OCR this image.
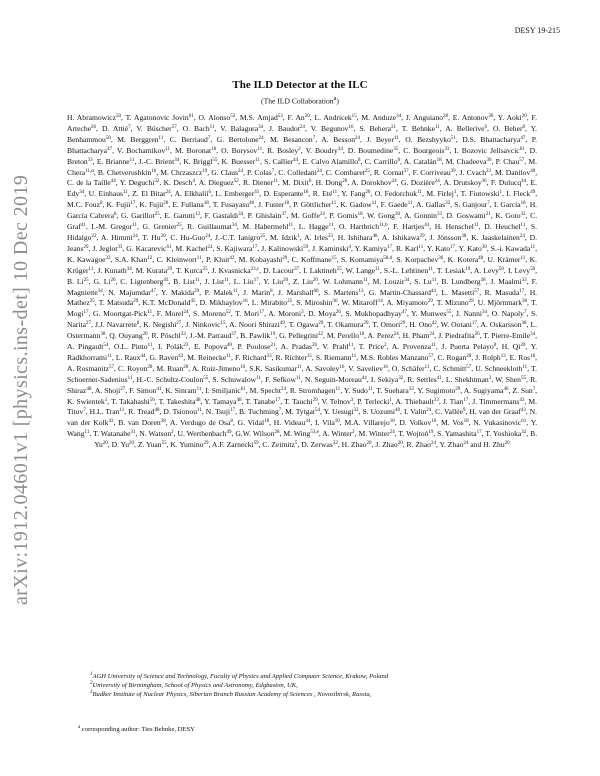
arXiv:1912.04601v1 [physics.ins-det] 10 Dec 2019
DESY 19-215
The ILD Detector at the ILC
(The ILD Collaboration$^a$)
H. Abramowicz$^{50}$, T. Agatonovic Jovin$^{61}$, O. Alonso$^{52}$, M.S. Amjad$^{53}$, F. An$^{20}$, L. Andricek$^{15}$, M. Anduze$^{34}$, J. Anguiano$^{28}$, E. Antonov$^{36}$, Y. Aoki$^{20}$, F. Arteche$^{26}$, D. Attié$^7$, V. Büscher$^{57}$, O. Bach$^{11}$, V. Balagura$^{34}$, J. Baudot$^{24}$, V. Begunov$^{16}$, S. Behera$^{21}$, T. Behnke$^{11}$, A. Bellerive$^6$, O. Beher$^8$, Y. Benhammou$^{50}$, M. Berggren$^{11}$, C. Berriaud$^7$, G. Bertolone$^{24}$, M. Besancon$^7$, A. Besson$^{24}$, J. Beyer$^{11}$, O. Bezshyyko$^{51}$, D.S. Bhattacharya$^{47}$, P. Bhattacharya$^{47}$, V. Bochamikov$^{11}$, M. Boronat$^{18}$, O. Borysov$^{11}$, R. Bosley$^2$, V. Boudry$^{34}$, D. Boumedine$^{35}$, C. Bourgeois$^{33}$, I. Bozovic Jelisavcic$^{61}$, D. Breton$^{33}$, E. Brianne$^{11}$, J.-C. Brient$^{34}$, K. Briggl$^{55}$, K. Buesser$^{11}$, S. Callier$^{44}$, E. Calvo Alamillo$^8$, C. Carrillo$^8$, A. Catalán$^{18}$, M. Chadeeva$^{36}$, P. Chau$^{57}$, M. Chera$^{11,\alpha}$, B. Chetverushkin$^{16}$, M. Chrzaszcz$^{19}$, G. Claus$^{24}$, P. Colas$^7$, C. Colledani$^{24}$, C. Combaret$^{25}$, R. Cornat$^{37}$, F. Corriveau$^{39}$, J. Cvach$^{23}$, M. Danilov$^{40}$, C. de la Taille$^{44}$, Y. Deguchi$^{32}$, K. Desch$^4$, A. Dieguez$^{52}$, R. Diener$^{11}$, M. Dixit$^6$, H. Dong$^{20}$, A. Dorokhov$^{24}$, G. Dozière$^{24}$, A. Drutskoy$^{36}$, F. Dulucq$^{44}$, E. Edy$^{34}$, U. Einhaus$^{11}$, Z. El Bitar$^{24}$, A. Elkhalii$^6$, L. Emberger$^{41}$, D. Esperante$^{18}$, R. Eté$^{11}$, Y. Fang$^{20}$, O. Fedorchuk$^{11}$, M. Firlej$^1$, T. Fiutowski$^1$, I. Fleck$^{49}$, M.C. Fouz$^8$, K. Fujii$^{17}$, K. Fujii$^{20}$, E. Fullana$^{18}$, T. Fusayasu$^{46}$, J. Fuster$^{18}$, P. Göttlicher$^{11}$, K. Gadow$^{11}$, F. Gaede$^{11}$, A. Gallas$^{33}$, S. Ganjour$^7$, I. García$^{18}$, H. García Cabrera$^8$, G. Garillot$^{25}$, E. Garutti$^{13}$, F. Gastaldi$^{34}$, P. Ghislain$^{37}$, M. Goffe$^{24}$, P. Gomis$^{18}$, W. Gong$^{20}$, A. Gonnin$^{33}$, D. Goswami$^{21}$, K. Goto$^{32}$, C. Graf$^{41}$, I.-M. Gregor$^{11}$, G. Grenier$^{25}$, R. Guillaumat$^{34}$, M. Habermehl$^{11}$, L. Hagge$^{11}$, O. Hartbrich$^{11,b}$, F. Hartjes$^{43}$, H. Henschel$^{11}$, D. Heuchel$^{11}$, S. Hidalgo$^{22}$, A. Himmi$^{24}$, T. Hu$^{20}$, C. Hu-Guo$^{24}$, J.-C.T. Ianigro$^{25}$, M. Idzik$^1$, A. Irles$^{33}$, H. Ishihara$^{48}$, A. Ishikawa$^{29}$, J. Jönsson$^{38}$, K. Jaaskelainen$^{24}$, D. Jeans$^{29}$, J. Jeglot$^{33}$, G. Kacarevic$^{61}$, M. Kachel$^{24}$, S. Kajiwara$^{17}$, J. Kalinowski$^{59}$, J. Kaminski$^4$, Y. Kamiya$^{17}$, R. Karl$^{11}$, Y. Kato$^{17}$, Y. Kato$^{30}$, S.-i. Kawada$^{11}$, K. Kawagoe$^{32}$, S.A. Khan$^{12}$, C. Kleinwort$^{11}$, P. Kluit$^{43}$, M. Kobayashi$^{29}$, C. Koffmane$^{15}$, S. Komamiya$^{58,d}$, S. Korpachev$^{36}$, K. Kotera$^{48}$, U. Krämer$^{11}$, K. Krüger$^{11}$, J. Kunath$^{34}$, M. Kurata$^{29}$, T. Kurca$^{25}$, J. Kvasnicka$^{23,c}$, D. Lacour$^{37}$, I. Laktineh$^{25}$, W. Lange$^{11}$, S.-L. Lehtinen$^{11}$, T. Lesiak$^{19}$, A. Levy$^{50}$, I. Levy$^{50}$, B. Li$^{25}$, G. Li$^{20}$, C. Ligtenberg$^{43}$, B. List$^{11}$, J. List$^{11}$, L. Liu$^{17}$, Y. Liu$^{20}$, Z. Liu$^{20}$, W. Lohmann$^{11}$, M. Louzir$^{34}$, S. Lu$^{11}$, B. Lundberg$^{38}$, J. Maalmi$^{33}$, F. Magniette$^{34}$, N. Majumdar$^{47}$, Y. Makida$^{29}$, P. Malek$^{11}$, J. Marin$^8$, J. Marshall$^{60}$, S. Martens$^{13}$, G. Martin-Chassard$^{44}$, L. Masetti$^{57}$, R. Masuda$^{17}$, H. Mathez$^{25}$, T. Matsuda$^{29}$, K.T. McDonald$^{45}$, D. Mikhaylov$^{16}$, L. Mirabito$^{25}$, S. Miroshin$^{36}$, W. Mitaroff$^{14}$, A. Miyamoto$^{29}$, T. Mizuno$^{29}$, U. Mjörnmark$^{38}$, T. Mogi$^{17}$, G. Moortgat-Pick$^{11}$, F. Morel$^{24}$, S. Moreno$^{52}$, T. Mori$^{17}$, A. Moroni$^3$, D. Moya$^{26}$, S. Mukhopadhyay$^{47}$, Y. Munwes$^{55}$, J. Nanni$^{34}$, O. Napoly$^7$, S. Narita$^{27}$, J.J. Navarrete$^8$, K. Negishi$^{27}$, J. Ninkovic$^{15}$, A. Noori Shirazi$^{49}$, T. Ogawa$^{29}$, T. Okamura$^{29}$, T. Omori$^{29}$, H. Ono$^{42}$, W. Ootani$^{17}$, A. Oskarsson$^{38}$, L. Ostermann$^{38}$, Q. Ouyang$^{20}$, R. Pöschl$^{33}$, J.-M. Parraud$^{37}$, B. Pawlik$^{19}$, G. Pellegrini$^{22}$, M. Perello$^{18}$, A. Perez$^{24}$, H. Pham$^{24}$, J. Piedrafita$^{26}$, T. Pierre-Emile$^{34}$, A. Pingault$^{54}$, O.L. Pinto$^{11}$, I. Polák$^{23}$, E. Popova$^{40}$, P. Poulose$^{21}$, A. Pradas$^{26}$, V. Prahl$^{11}$, T. Price$^2$, A. Provenza$^{11}$, J. Puerta Pelayo$^8$, H. Qi$^{20}$, Y. Radkhorrami$^{11}$, L. Raux$^{44}$, G. Raven$^{43}$, M. Reinecke$^{11}$, F. Richard$^{33}$, R. Richter$^{15}$, S. Riemann$^{11}$, M.S. Robles Manzano$^{57}$, C. Rogan$^{28}$, J. Rolph$^{13}$, E. Ros$^{18}$, A. Rosmanitz$^{57}$, C. Royon$^{28}$, M. Ruan$^{20}$, A. Ruiz-Jimeno$^{10}$, S.K. Sasikumar$^{11}$, A. Savoley$^{16}$, V. Saveliev$^{16}$, O. Schäfer$^{11}$, C. Schmitt$^{57}$, U. Schneekloth$^{11}$, T. Schoerner-Sadenius$^{11}$, H.-C. Schultz-Coulon$^{55}$, S. Schuwalow$^{11}$, F. Sefkow$^{11}$, N. Seguin-Moreau$^{44}$, I. Sekiya$^{32}$, R. Settles$^{41}$, L. Shekhtman$^3$, W. Shen$^{55}$, R. Shiraz$^{48}$, A. Shoji$^{27}$, F. Simon$^{41}$, K. Sinram$^{11}$, I. Smiljanic$^{61}$, M. Specht$^{24}$, R. Stromhagen$^{11}$, Y. Sudo$^{11}$, T. Suehara$^{32}$, Y. Sugimoto$^{29}$, A. Sugiyama$^{46}$, Z. Sun$^7$, K. Swientek$^1$, T. Takahashi$^{56}$, T. Takeshita$^{48}$, Y. Tamaya$^{48}$, T. Tanabe$^{17}$, T. Tauchi$^{29}$, V. Telnov$^3$, P. Terlecki$^1$, A. Thiebault$^{33}$, J. Tian$^{17}$, J. Timmermans$^{43}$, M. Titov$^7$, H.L. Tran$^{11}$, R. Tread$^{48}$, D. Tsionou$^{11}$, N. Tsuji$^{17}$, B. Tuchming$^7$, M. Tytgat$^{54}$, Y. Uesugi$^{32}$, S. Uozumi$^{48}$, I. Valin$^{24}$, C. Vallée$^9$, H. van der Graaf$^{43}$, N. van der Kolk$^{43}$, B. van Doren$^{28}$, A. Verdugo de Osa$^8$, G. Vidal$^{18}$, H. Videau$^{34}$, I. Vila$^{10}$, M.A. Villarejo$^{18}$, D. Volkov$^{16}$, M. Vos$^{18}$, N. Vukasinovic$^{61}$, Y. Wang$^{11}$, T. Watanabe$^{31}$, N. Watson$^2$, U. Werthenbach$^{49}$, G.W. Wilson$^{28}$, M. Wing$^{53,e}$, A. Winter$^2$, M. Winter$^{24}$, T. Wojtoń$^{19}$, S. Yamashita$^{17}$, T. Yoshioka$^{32}$, B. Yu$^{20}$, D. Yu$^{20}$, Z. Yuan$^{55}$, K. Yumino$^{29}$, A.F. Zarnecki$^{59}$, C. Zeitnitz$^5$, D. Zerwas$^{33}$, H. Zhao$^{20}$, J. Zhao$^{20}$, R. Zhao$^{24}$, Y. Zhao$^{24}$ and H. Zhu$^{20}$
$^1$AGH University of Science and Technology, Faculty of Physics and Applied Computer Science, Krakow, Poland
$^2$University of Birmingham, School of Physics and Astronomy, Edgbaston, UK,
$^3$Budker Institute of Nuclear Physics, Siberian Branch Russian Academy of Sciences , Novosibirsk, Russia,
$^a$ corresponding author: Ties Behnke, DESY
